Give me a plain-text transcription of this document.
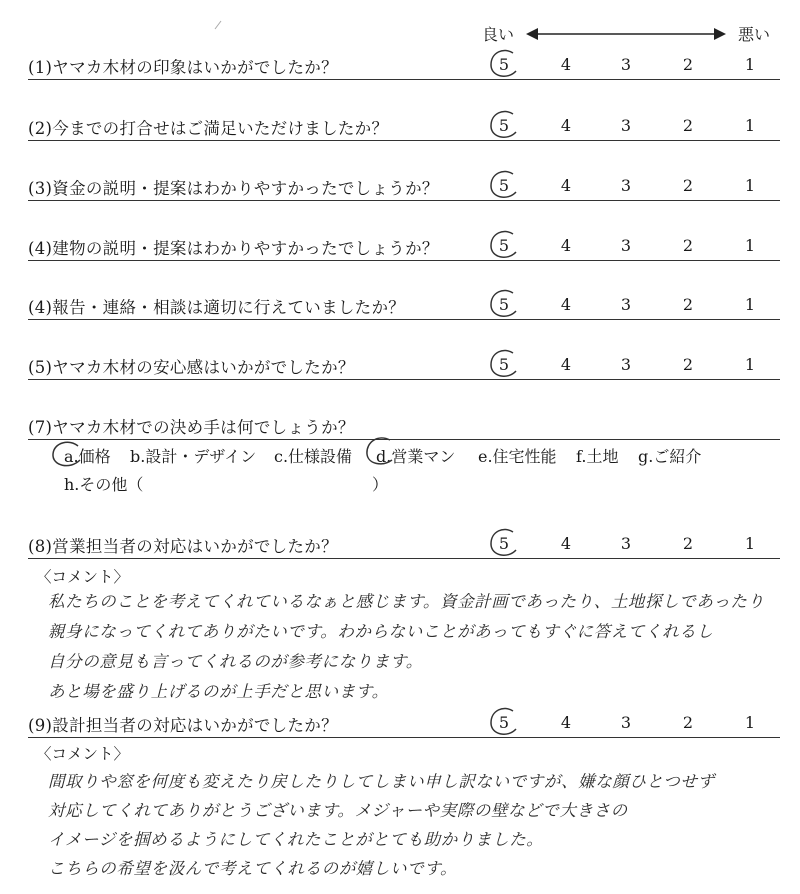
良い	悪い
(1)ヤマカ木材の印象はいかがでしたか？	5	4	3	2	1
(2)今までの打合せはご満足いただけましたか？	5	4	3	2	1
(3)資金の説明・提案はわかりやすかったでしょうか？	5	4	3	2	1
(4)建物の説明・提案はわかりやすかったでしょうか？	5	4	3	2	1
(4)報告・連絡・相談は適切に行えていましたか？	5	4	3	2	1
(5)ヤマカ木材の安心感はいかがでしたか？	5	4	3	2	1
(7)ヤマカ木材での決め手は何でしょうか？
a.価格 b.設計・デザイン c.仕様設備 d.営業マン e.住宅性能 f.土地 g.ご紹介
h.その他（	）
(8)営業担当者の対応はいかがでしたか？	5	4	3	2	1
〈コメント〉
私たちのことを考えてくれているなぁと感じます。資金計画であったり、土地探しであったり
親身になってくれてありがたいです。わからないことがあってもすぐに答えてくれるし
自分の意見も言ってくれるのが参考になります。
あと場を盛り上げるのが上手だと思います。
(9)設計担当者の対応はいかがでしたか？	5	4	3	2	1
〈コメント〉
間取りや窓を何度も変えたり戻したりしてしまい申し訳ないですが、嫌な顔ひとつせず
対応してくれてありがとうございます。メジャーや実際の壁などで大きさの
イメージを掴めるようにしてくれたことがとても助かりました。
こちらの希望を汲んで考えてくれるのが嬉しいです。
